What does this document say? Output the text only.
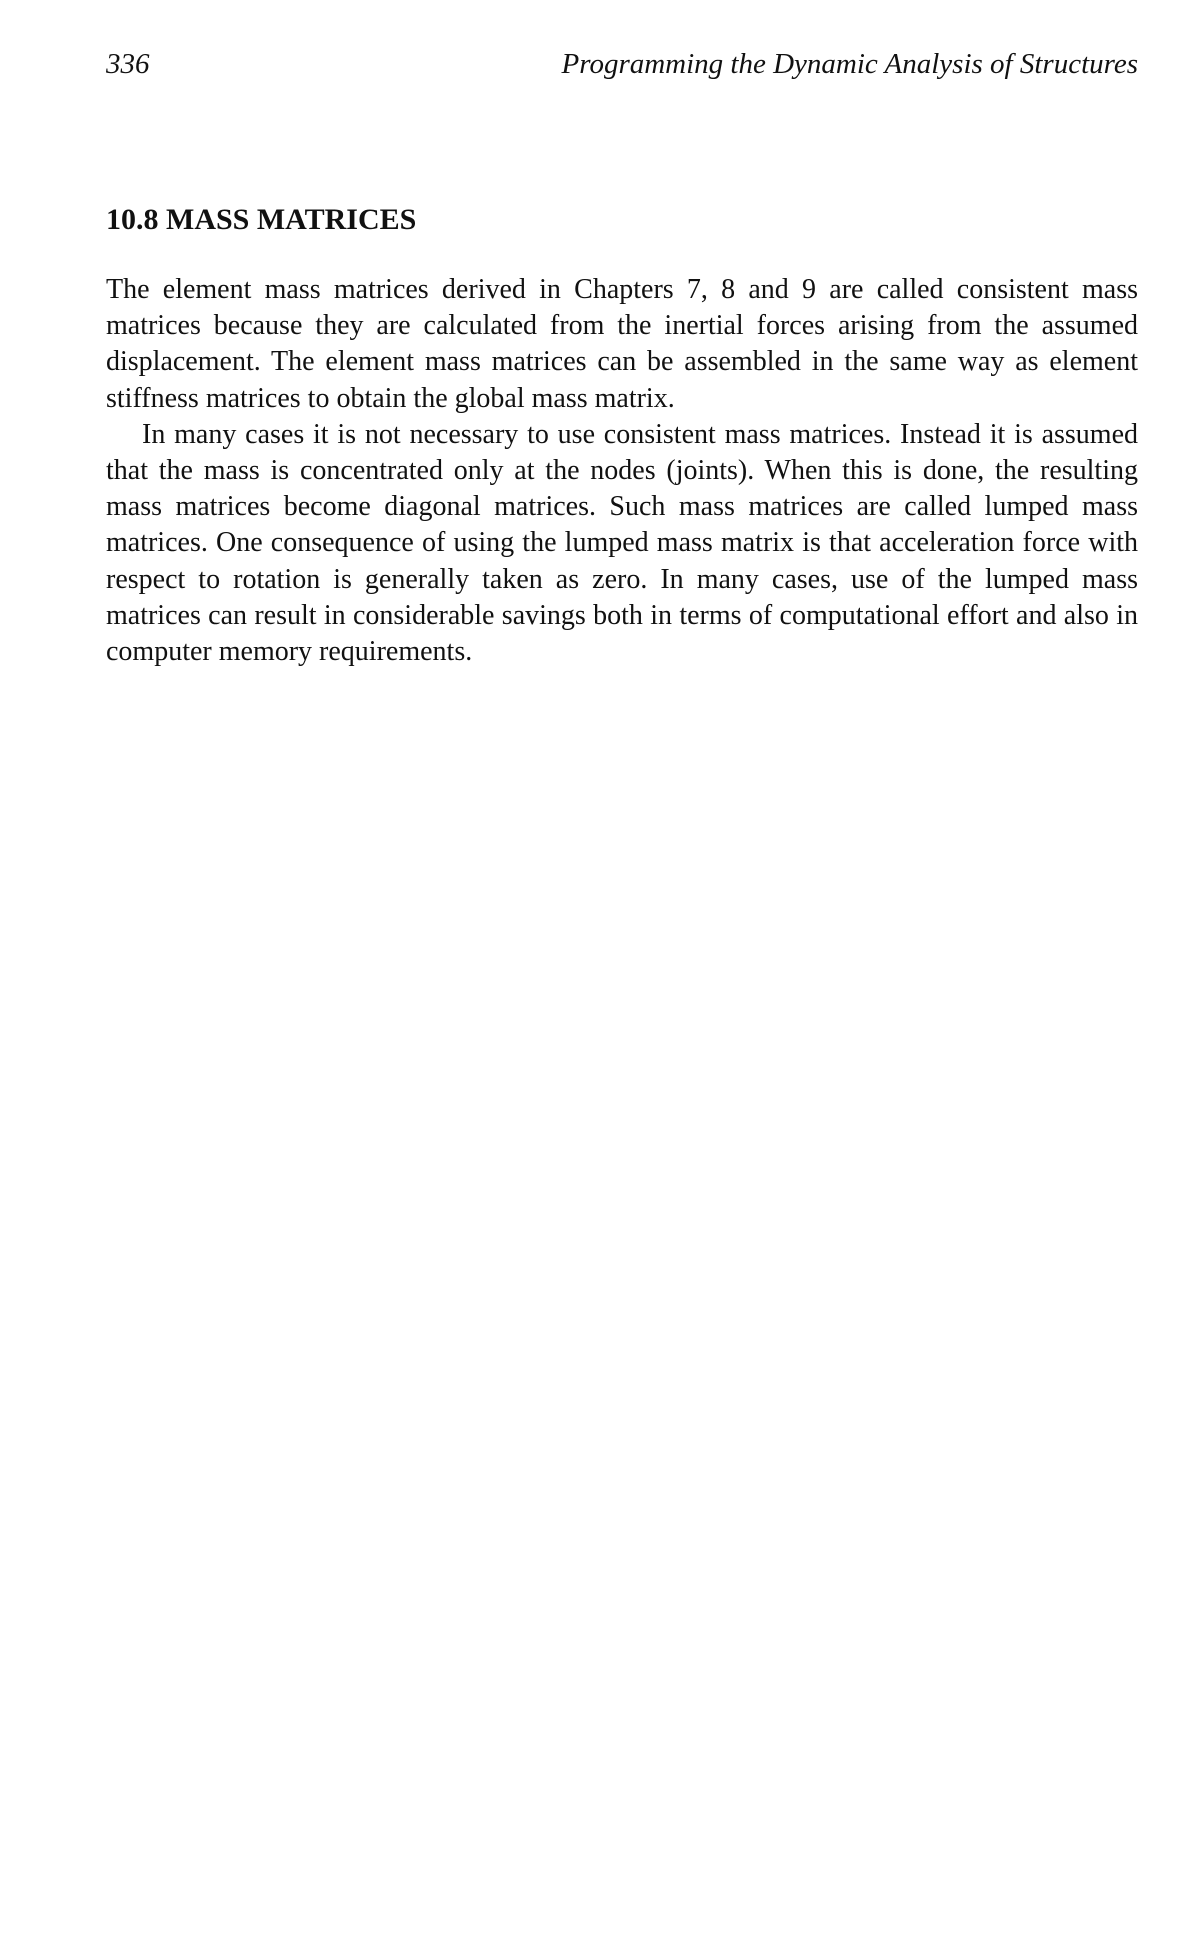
336	Programming the Dynamic Analysis of Structures
10.8 MASS MATRICES

The element mass matrices derived in Chapters 7, 8 and 9 are called consistent mass matrices because they are calculated from the inertial forces arising from the assumed displacement. The element mass matrices can be assembled in the same way as element stiffness matrices to obtain the global mass matrix.

In many cases it is not necessary to use consistent mass matrices. Instead it is assumed that the mass is concentrated only at the nodes (joints). When this is done, the resulting mass matrices become diagonal matrices. Such mass matrices are called lumped mass matrices. One consequence of using the lumped mass matrix is that acceleration force with respect to rotation is generally taken as zero. In many cases, use of the lumped mass matrices can result in considerable savings both in terms of computational effort and also in computer memory requirements.
